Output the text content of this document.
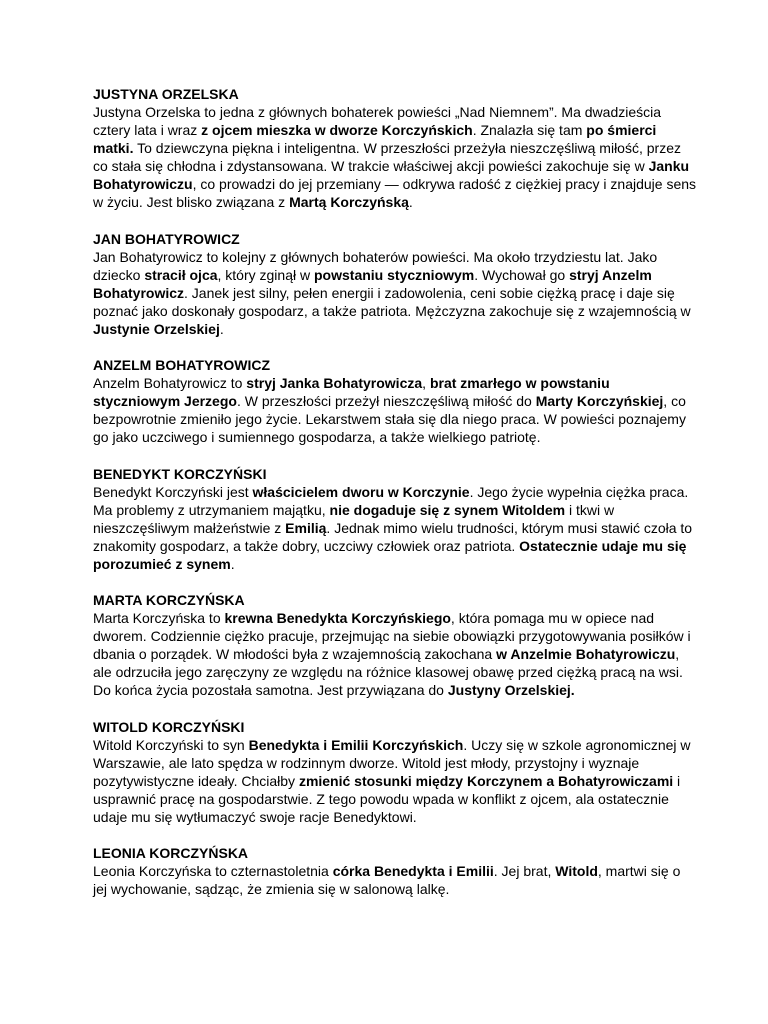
JUSTYNA ORZELSKA

Justyna Orzelska to jedna z głównych bohaterek powieści „Nad Niemnem”. Ma dwadzieścia cztery lata i wraz z ojcem mieszka w dworze Korczyńskich. Znalazła się tam po śmierci matki. To dziewczyna piękna i inteligentna. W przeszłości przeżyła nieszczęśliwą miłość, przez co stała się chłodna i zdystansowana. W trakcie właściwej akcji powieści zakochuje się w Janku Bohatyrowiczu, co prowadzi do jej przemiany — odkrywa radość z ciężkiej pracy i znajduje sens w życiu. Jest blisko związana z Martą Korczyńską.

JAN BOHATYROWICZ

Jan Bohatyrowicz to kolejny z głównych bohaterów powieści. Ma około trzydziestu lat. Jako dziecko stracił ojca, który zginął w powstaniu styczniowym. Wychował go stryj Anzelm Bohatyrowicz. Janek jest silny, pełen energii i zadowolenia, ceni sobie ciężką pracę i daje się poznać jako doskonały gospodarz, a także patriota. Mężczyzna zakochuje się z wzajemnością w Justynie Orzelskiej.

ANZELM BOHATYROWICZ

Anzelm Bohatyrowicz to stryj Janka Bohatyrowicza, brat zmarłego w powstaniu styczniowym Jerzego. W przeszłości przeżył nieszczęśliwą miłość do Marty Korczyńskiej, co bezpowrotnie zmieniło jego życie. Lekarstwem stała się dla niego praca. W powieści poznajemy go jako uczciwego i sumiennego gospodarza, a także wielkiego patriotę.

BENEDYKT KORCZYŃSKI

Benedykt Korczyński jest właścicielem dworu w Korczynie. Jego życie wypełnia ciężka praca. Ma problemy z utrzymaniem majątku, nie dogaduje się z synem Witoldem i tkwi w nieszczęśliwym małżeństwie z Emilią. Jednak mimo wielu trudności, którym musi stawić czoła to znakomity gospodarz, a także dobry, uczciwy człowiek oraz patriota. Ostatecznie udaje mu się porozumieć z synem.

MARTA KORCZYŃSKA

Marta Korczyńska to krewna Benedykta Korczyńskiego, która pomaga mu w opiece nad dworem. Codziennie ciężko pracuje, przejmując na siebie obowiązki przygotowywania posiłków i dbania o porządek. W młodości była z wzajemnością zakochana w Anzelmie Bohatyrowiczu, ale odrzuciła jego zaręczyny ze względu na różnice klasowej obawę przed ciężką pracą na wsi. Do końca życia pozostała samotna. Jest przywiązana do Justyny Orzelskiej.

WITOLD KORCZYŃSKI

Witold Korczyński to syn Benedykta i Emilii Korczyńskich. Uczy się w szkole agronomicznej w Warszawie, ale lato spędza w rodzinnym dworze. Witold jest młody, przystojny i wyznaje pozytywistyczne ideały. Chciałby zmienić stosunki między Korczynem a Bohatyrowiczami i usprawnić pracę na gospodarstwie. Z tego powodu wpada w konflikt z ojcem, ala ostatecznie udaje mu się wytłumaczyć swoje racje Benedyktowi.

LEONIA KORCZYŃSKA

Leonia Korczyńska to czternastoletnia córka Benedykta i Emilii. Jej brat, Witold, martwi się o jej wychowanie, sądząc, że zmienia się w salonową lalkę.
